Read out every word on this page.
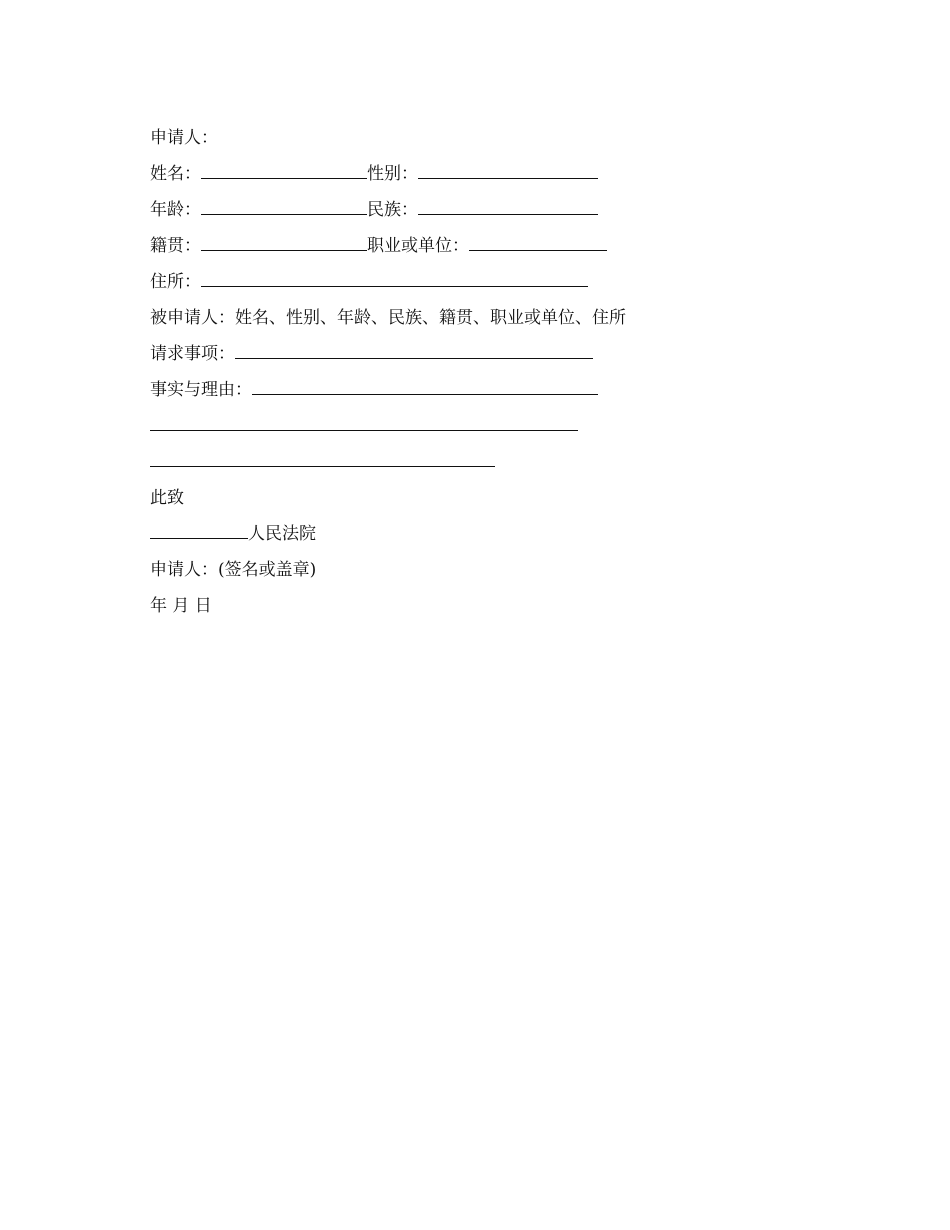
申请人：
姓名：	性别：
年龄：	民族：
籍贯：	职业或单位：
住所：
被申请人：姓名、性别、年龄、民族、籍贯、职业或单位、住所
请求事项：
事实与理由：
此致
人民法院
申请人：(签名或盖章)
年 月 日
